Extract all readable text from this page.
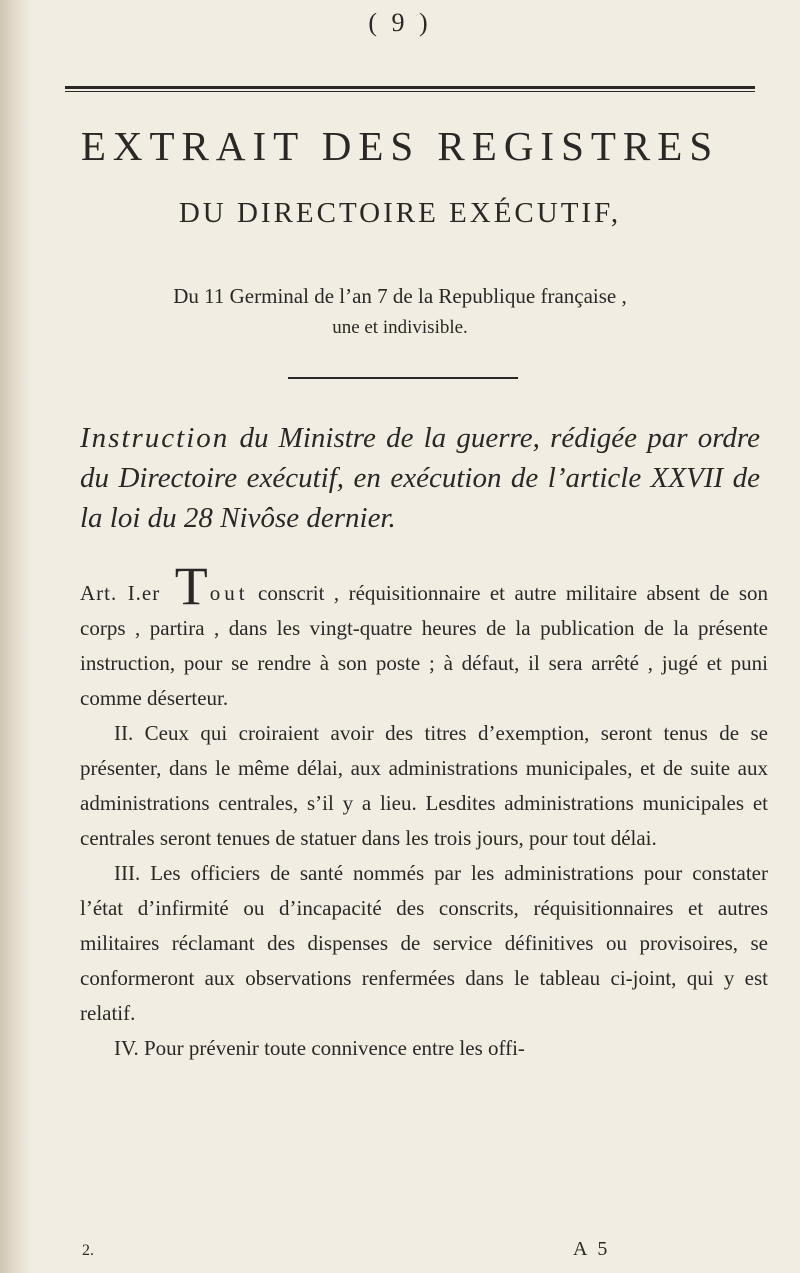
( 9 )
EXTRAIT DES REGISTRES
DU DIRECTOIRE EXÉCUTIF,
Du 11 Germinal de l’an 7 de la Republique française ,
une et indivisible.
Instruction du Ministre de la guerre, rédigée par ordre du Directoire exécutif, en exécution de l’article XXVII de la loi du 28 Nivôse dernier.

Art. I.er Tout conscrit , réquisitionnaire et autre militaire absent de son corps , partira , dans les vingt-quatre heures de la publication de la présente instruction, pour se rendre à son poste ; à défaut, il sera arrêté , jugé et puni comme déserteur.

II. Ceux qui croiraient avoir des titres d’exemption, seront tenus de se présenter, dans le même délai, aux administrations municipales, et de suite aux administrations centrales, s’il y a lieu. Lesdites administrations municipales et centrales seront tenues de statuer dans les trois jours, pour tout délai.

III. Les officiers de santé nommés par les administrations pour constater l’état d’infirmité ou d’incapacité des conscrits, réquisitionnaires et autres militaires réclamant des dispenses de service définitives ou provisoires, se conformeront aux observations renfermées dans le tableau ci-joint, qui y est relatif.

IV. Pour prévenir toute connivence entre les offi-

2.	A 5
